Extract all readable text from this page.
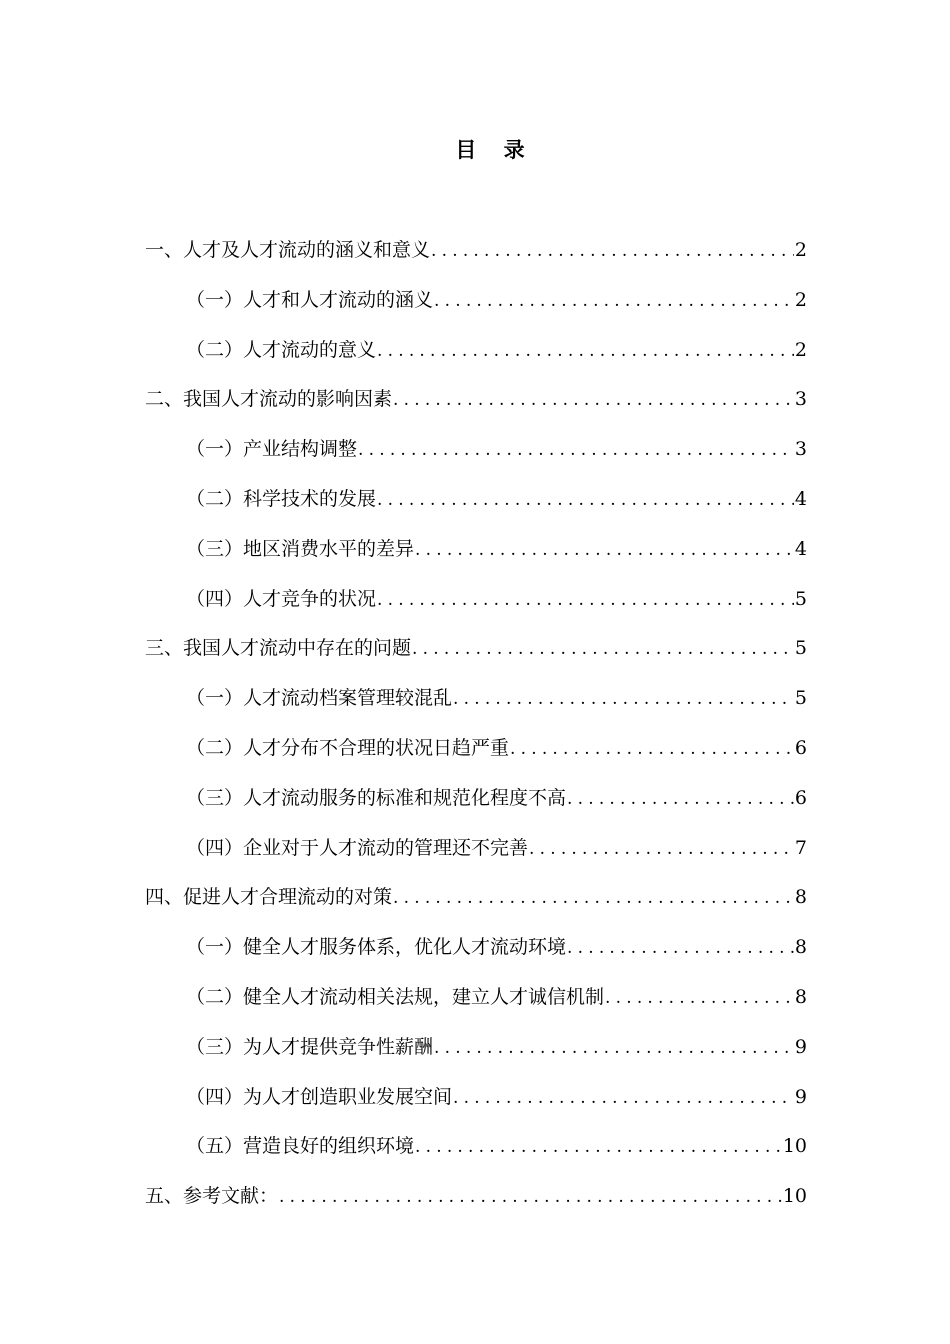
目 录
一、人才及人才流动的涵义和意义 .....	2
（一）人才和人才流动的涵义 .....	2
（二）人才流动的意义 .....	2
二、我国人才流动的影响因素 .....	3
（一）产业结构调整 .....	3
（二）科学技术的发展 .....	4
（三）地区消费水平的差异 .....	4
（四）人才竞争的状况 .....	5
三、我国人才流动中存在的问题 .....	5
（一）人才流动档案管理较混乱 .....	5
（二）人才分布不合理的状况日趋严重 .....	6
（三）人才流动服务的标准和规范化程度不高 .....	6
（四）企业对于人才流动的管理还不完善 .....	7
四、促进人才合理流动的对策 .....	8
（一）健全人才服务体系，优化人才流动环境 .....	8
（二）健全人才流动相关法规，建立人才诚信机制 .....	8
（三）为人才提供竞争性薪酬 .....	9
（四）为人才创造职业发展空间 .....	9
（五）营造良好的组织环境 .....	10
五、参考文献： .....	10
